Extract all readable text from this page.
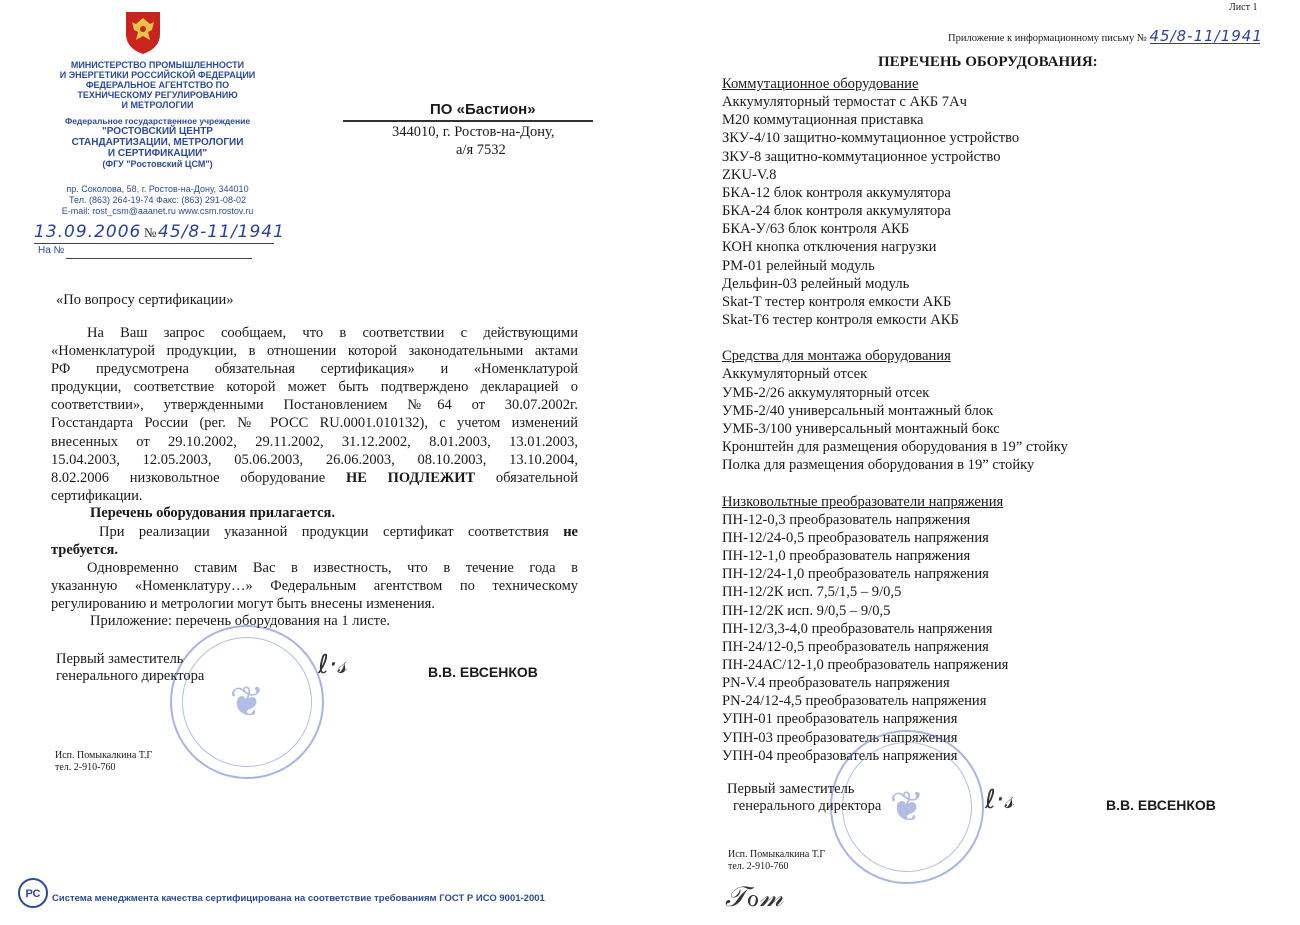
МИНИСТЕРСТВО ПРОМЫШЛЕННОСТИ
И ЭНЕРГЕТИКИ РОССИЙСКОЙ ФЕДЕРАЦИИ
ФЕДЕРАЛЬНОЕ АГЕНТСТВО ПО
ТЕХНИЧЕСКОМУ РЕГУЛИРОВАНИЮ
И МЕТРОЛОГИИ
Федеральное государственное учреждение
"РОСТОВСКИЙ ЦЕНТР
СТАНДАРТИЗАЦИИ, МЕТРОЛОГИИ
И СЕРТИФИКАЦИИ"
(ФГУ "Ростовский ЦСМ")
пр. Соколова, 58, г. Ростов-на-Дону, 344010
Тел. (863) 264-19-74 Факс: (863) 291-08-02
E-mail: rost_csm@aaanet.ru www.csm.rostov.ru
13.09.2006 № 45/8-11/1941
На №
ПО «Бастион»
344010, г. Ростов-на-Дону,
а/я 7532
«По вопросу сертификации»
На Ваш запрос сообщаем, что в соответствии с действующими
«Номенклатурой продукции, в отношении которой законодательными актами
РФ предусмотрена обязательная сертификация» и «Номенклатурой
продукции, соответствие которой может быть подтверждено декларацией о
соответствии», утвержденными Постановлением №64 от 30.07.2002г.
Госстандарта России (рег. № РОСС RU.0001.010132), с учетом изменений
внесенных от 29.10.2002, 29.11.2002, 31.12.2002, 8.01.2003, 13.01.2003,
15.04.2003, 12.05.2003, 05.06.2003, 26.06.2003, 08.10.2003, 13.10.2004,
8.02.2006 низковольтное оборудование НЕ ПОДЛЕЖИТ обязательной
сертификации.
Перечень оборудования прилагается.
При реализации указанной продукции сертификат соответствия не
требуется.
Одновременно ставим Вас в известность, что в течение года в
указанную «Номенклатуру…» Федеральным агентством по техническому
регулированию и метрологии могут быть внесены изменения.
Приложение: перечень оборудования на 1 листе.
❦
Первый заместитель
генерального директора	ℓ·𝓈	В.В. ЕВСЕНКОВ
Исп. Помыкалкина Т.Г
тел. 2-910-760
РС Система менеджмента качества сертифицирована на соответствие требованиям ГОСТ Р ИСО 9001-2001
Лист 1
Приложение к информационному письму № 45/8-11/1941
ПЕРЕЧЕНЬ ОБОРУДОВАНИЯ:
Коммутационное оборудование
Аккумуляторный термостат с АКБ 7Ач
М20 коммутационная приставка
ЗКУ-4/10 защитно-коммутационное устройство
ЗКУ-8 защитно-коммутационное устройство
ZKU-V.8
БКА-12 блок контроля аккумулятора
БКА-24 блок контроля аккумулятора
БКА-У/63 блок контроля АКБ
КОН кнопка отключения нагрузки
РМ-01 релейный модуль
Дельфин-03 релейный модуль
Skat-T тестер контроля емкости АКБ
Skat-T6 тестер контроля емкости АКБ
Средства для монтажа оборудования
Аккумуляторный отсек
УМБ-2/26 аккумуляторный отсек
УМБ-2/40 универсальный монтажный блок
УМБ-3/100 универсальный монтажный бокс
Кронштейн для размещения оборудования в 19” стойку
Полка для размещения оборудования в 19” стойку
Низковольтные преобразователи напряжения
ПН-12-0,3 преобразователь напряжения
ПН-12/24-0,5 преобразователь напряжения
ПН-12-1,0 преобразователь напряжения
ПН-12/24-1,0 преобразователь напряжения
ПН-12/2К исп. 7,5/1,5 – 9/0,5
ПН-12/2К исп. 9/0,5 – 9/0,5
ПН-12/3,3-4,0 преобразователь напряжения
ПН-24/12-0,5 преобразователь напряжения
ПН-24АС/12-1,0 преобразователь напряжения
PN-V.4 преобразователь напряжения
PN-24/12-4,5 преобразователь напряжения
УПН-01 преобразователь напряжения
УПН-03 преобразователь напряжения
УПН-04 преобразователь напряжения
❦
Первый заместитель
генерального директора	ℓ·𝓈	В.В. ЕВСЕНКОВ
Исп. Помыкалкина Т.Г
тел. 2-910-760
𝒯ℴ𝓂
